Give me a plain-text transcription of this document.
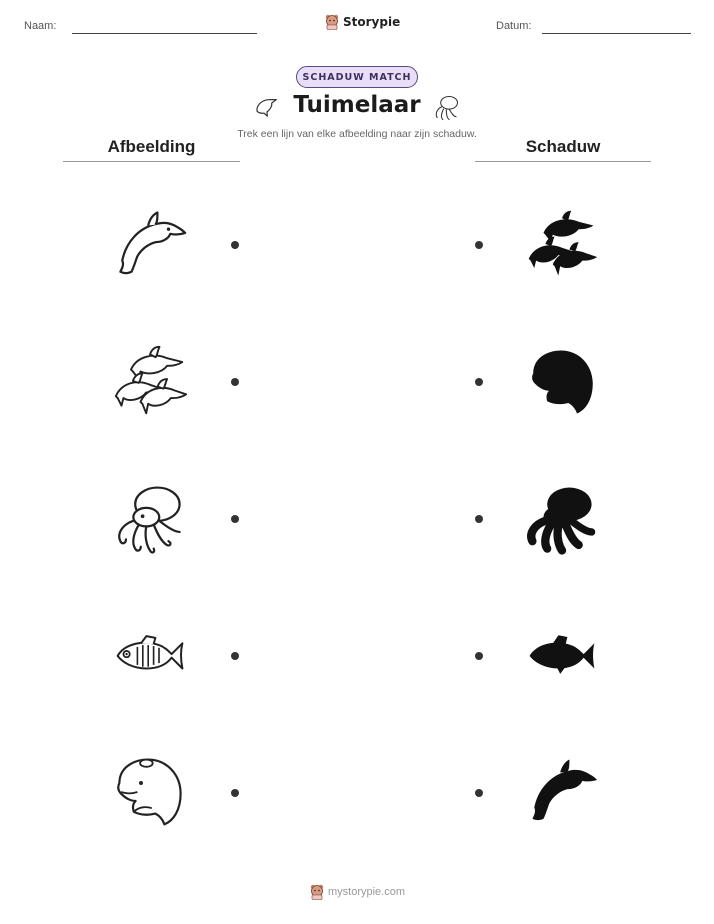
Naam:	Storypie	Datum:
SCHADUW MATCH
Tuimelaar
Trek een lijn van elke afbeelding naar zijn schaduw.
Afbeelding	Schaduw
mystorypie.com
